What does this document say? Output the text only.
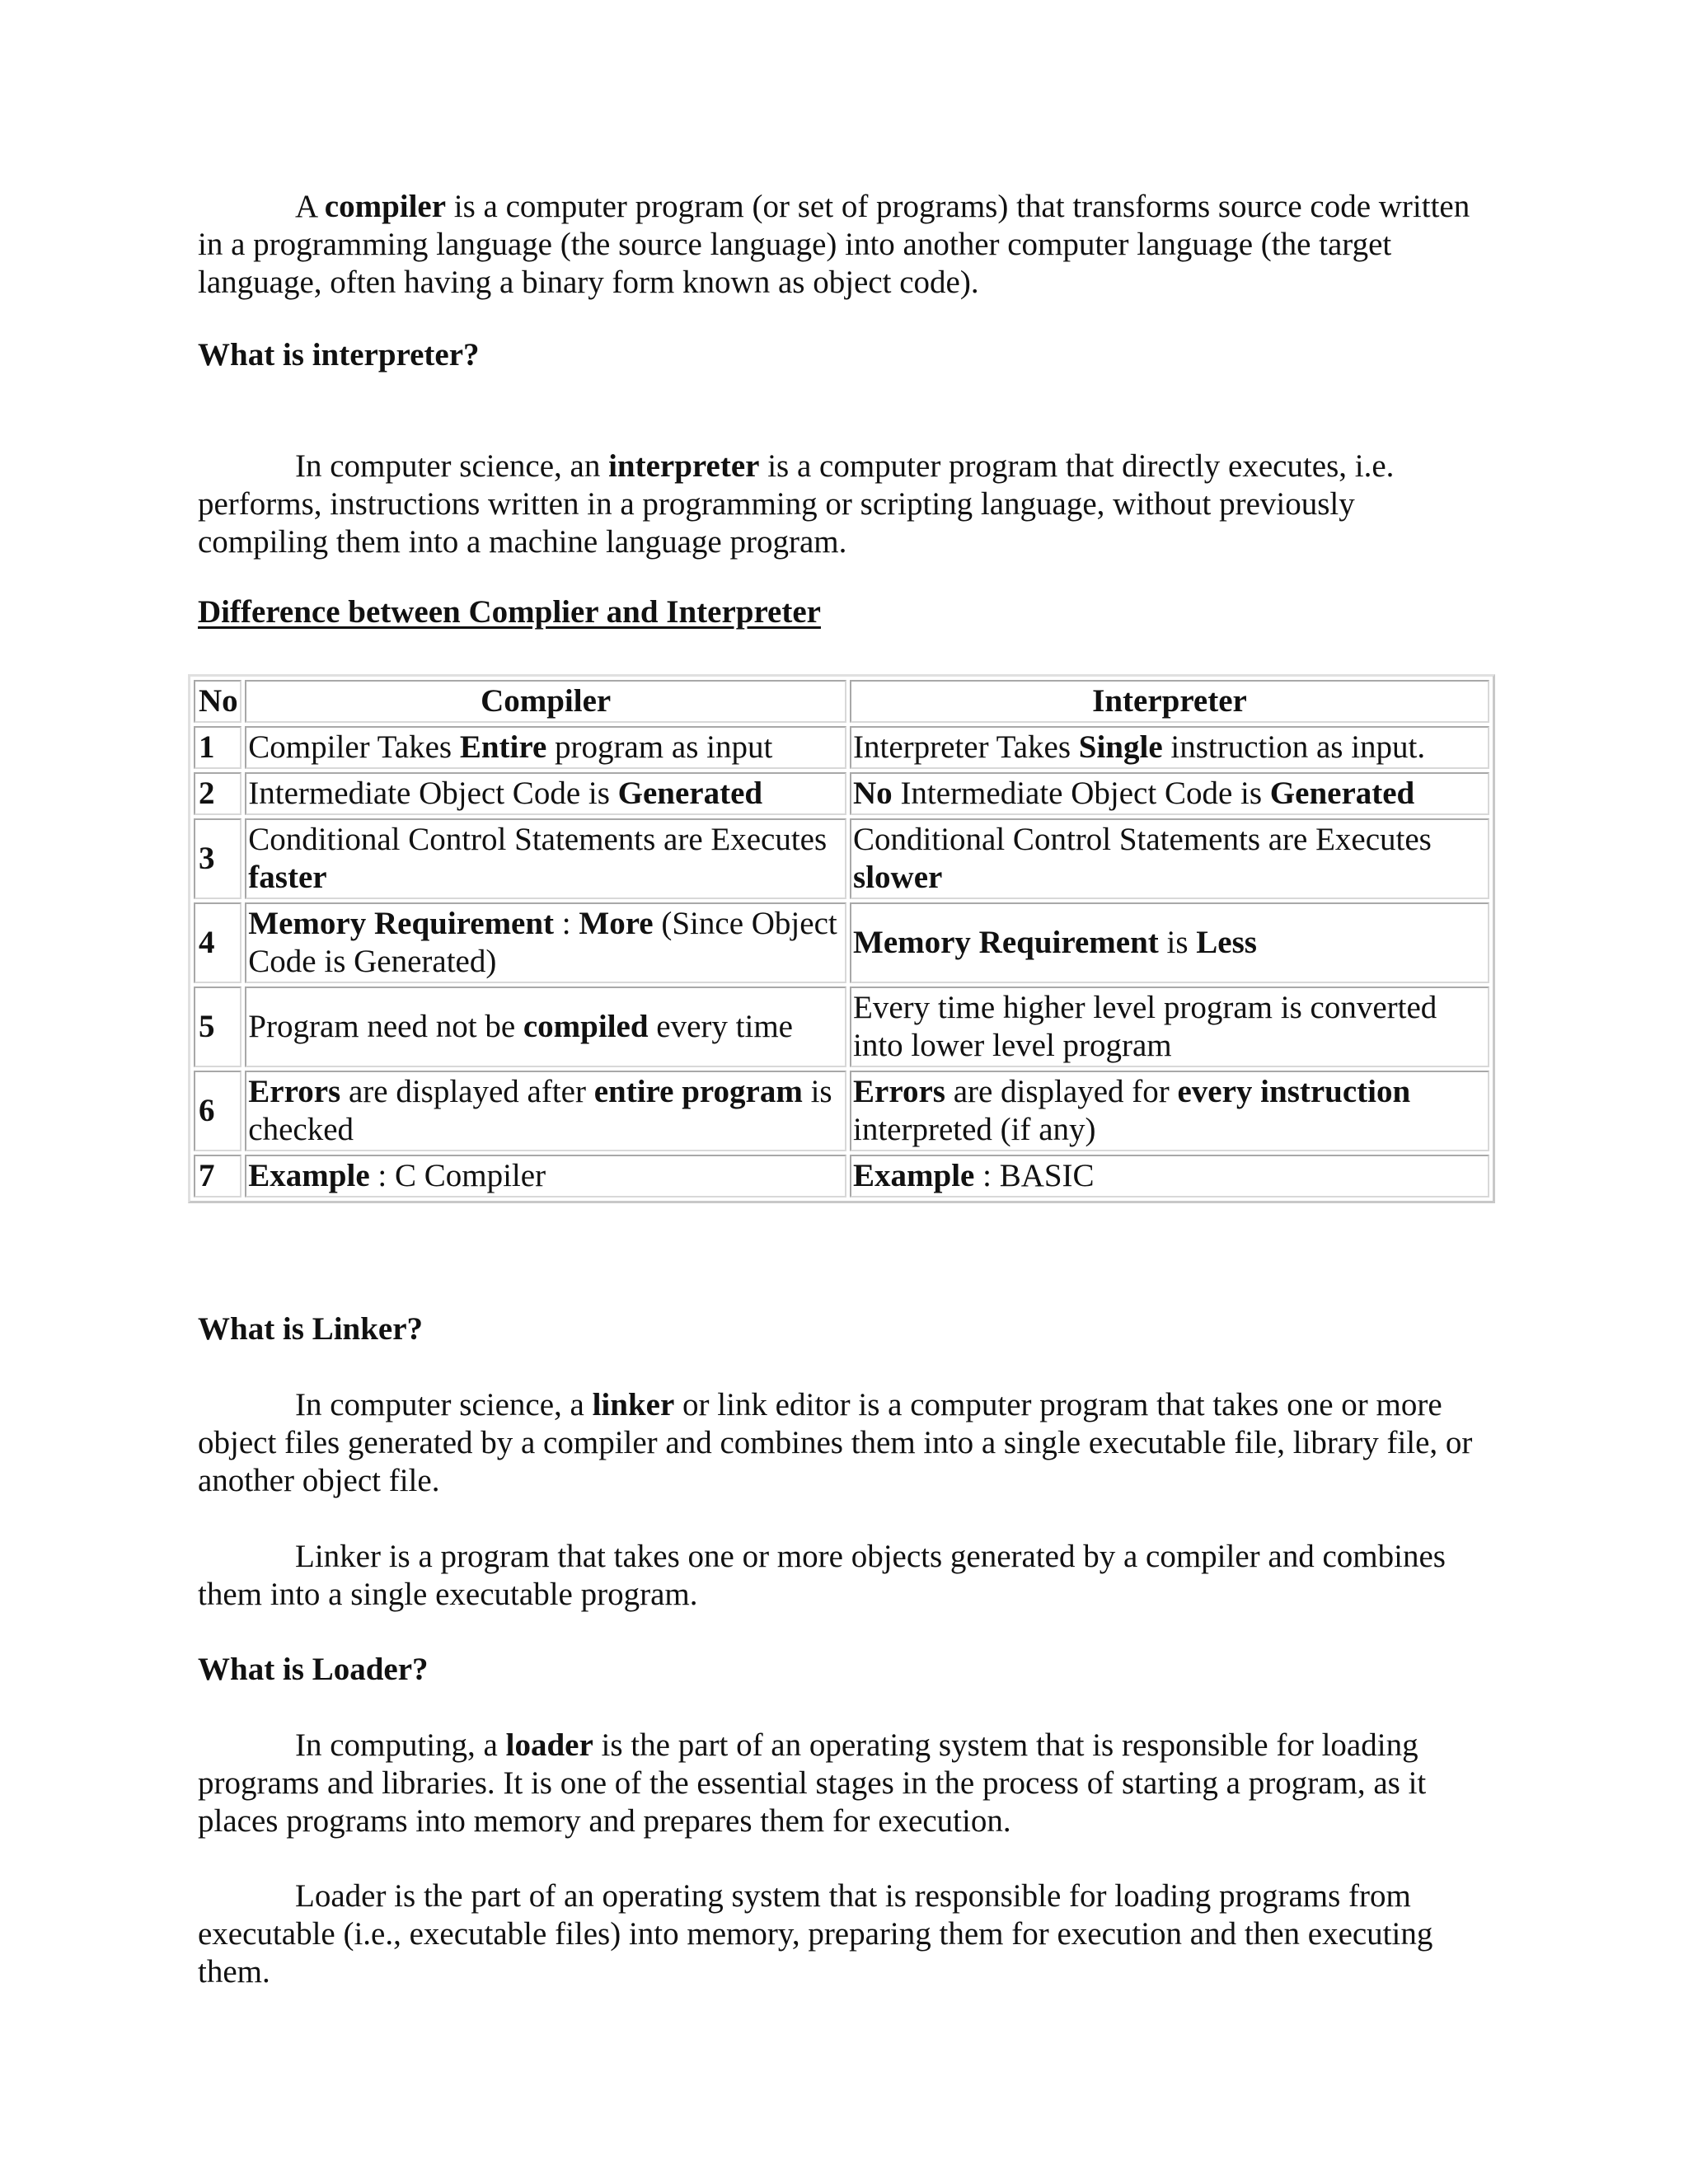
A compiler is a computer program (or set of programs) that transforms source code written in a programming language (the source language) into another computer language (the target language, often having a binary form known as object code).

What is interpreter?

In computer science, an interpreter is a computer program that directly executes, i.e. performs, instructions written in a programming or scripting language, without previously compiling them into a machine language program.

Difference between Complier and Interpreter

No	Compiler	Interpreter
1	Compiler Takes Entire program as input	Interpreter Takes Single instruction as input.
2	Intermediate Object Code is Generated	No Intermediate Object Code is Generated
3	Conditional Control Statements are Executes faster	Conditional Control Statements are Executes slower
4	Memory Requirement : More (Since Object Code is Generated)	Memory Requirement is Less
5	Program need not be compiled every time	Every time higher level program is converted into lower level program
6	Errors are displayed after entire program is checked	Errors are displayed for every instruction interpreted (if any)
7	Example : C Compiler	Example : BASIC

What is Linker?

In computer science, a linker or link editor is a computer program that takes one or more object files generated by a compiler and combines them into a single executable file, library file, or another object file.

Linker is a program that takes one or more objects generated by a compiler and combines them into a single executable program.

What is Loader?

In computing, a loader is the part of an operating system that is responsible for loading programs and libraries. It is one of the essential stages in the process of starting a program, as it places programs into memory and prepares them for execution.

Loader is the part of an operating system that is responsible for loading programs from executable (i.e., executable files) into memory, preparing them for execution and then executing them.
